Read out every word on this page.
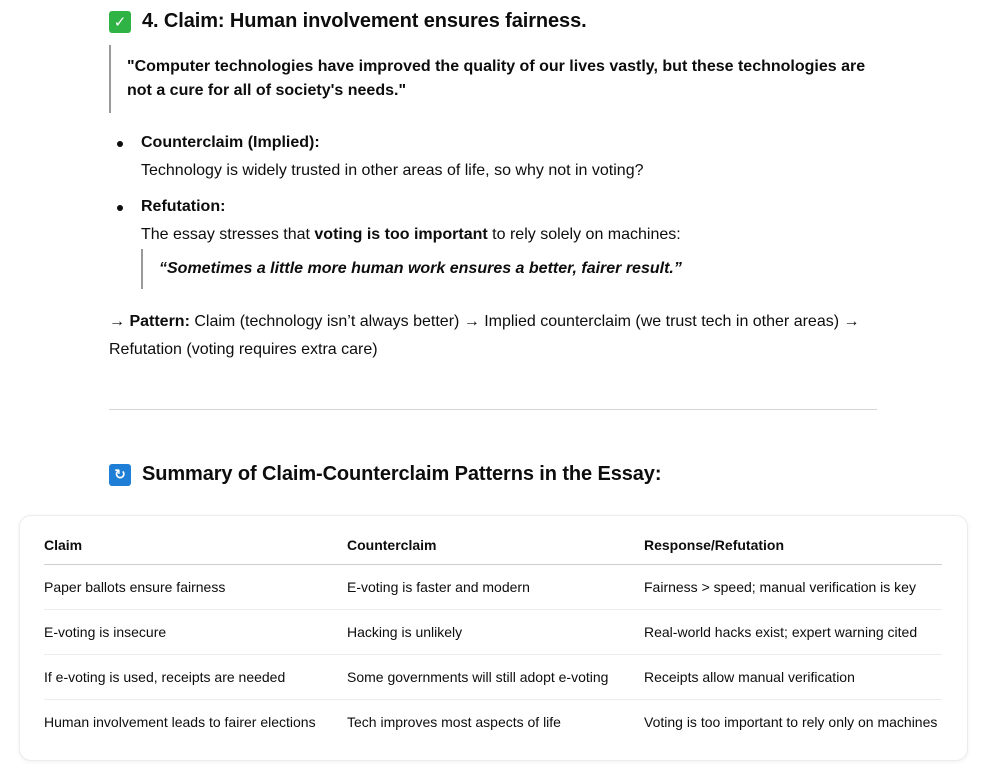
✓ 4. Claim: Human involvement ensures fairness.
"Computer technologies have improved the quality of our lives vastly, but these technologies are not a cure for all of society's needs."
Counterclaim (Implied):
Technology is widely trusted in other areas of life, so why not in voting?
Refutation:
The essay stresses that voting is too important to rely solely on machines:
“Sometimes a little more human work ensures a better, fairer result.”
→ Pattern: Claim (technology isn’t always better) → Implied counterclaim (we trust tech in other areas) → Refutation (voting requires extra care)
↻ Summary of Claim-Counterclaim Patterns in the Essay:
Claim	Counterclaim	Response/Refutation
Paper ballots ensure fairness	E-voting is faster and modern	Fairness > speed; manual verification is key
E-voting is insecure	Hacking is unlikely	Real-world hacks exist; expert warning cited
If e-voting is used, receipts are needed	Some governments will still adopt e-voting	Receipts allow manual verification
Human involvement leads to fairer elections	Tech improves most aspects of life	Voting is too important to rely only on machines
